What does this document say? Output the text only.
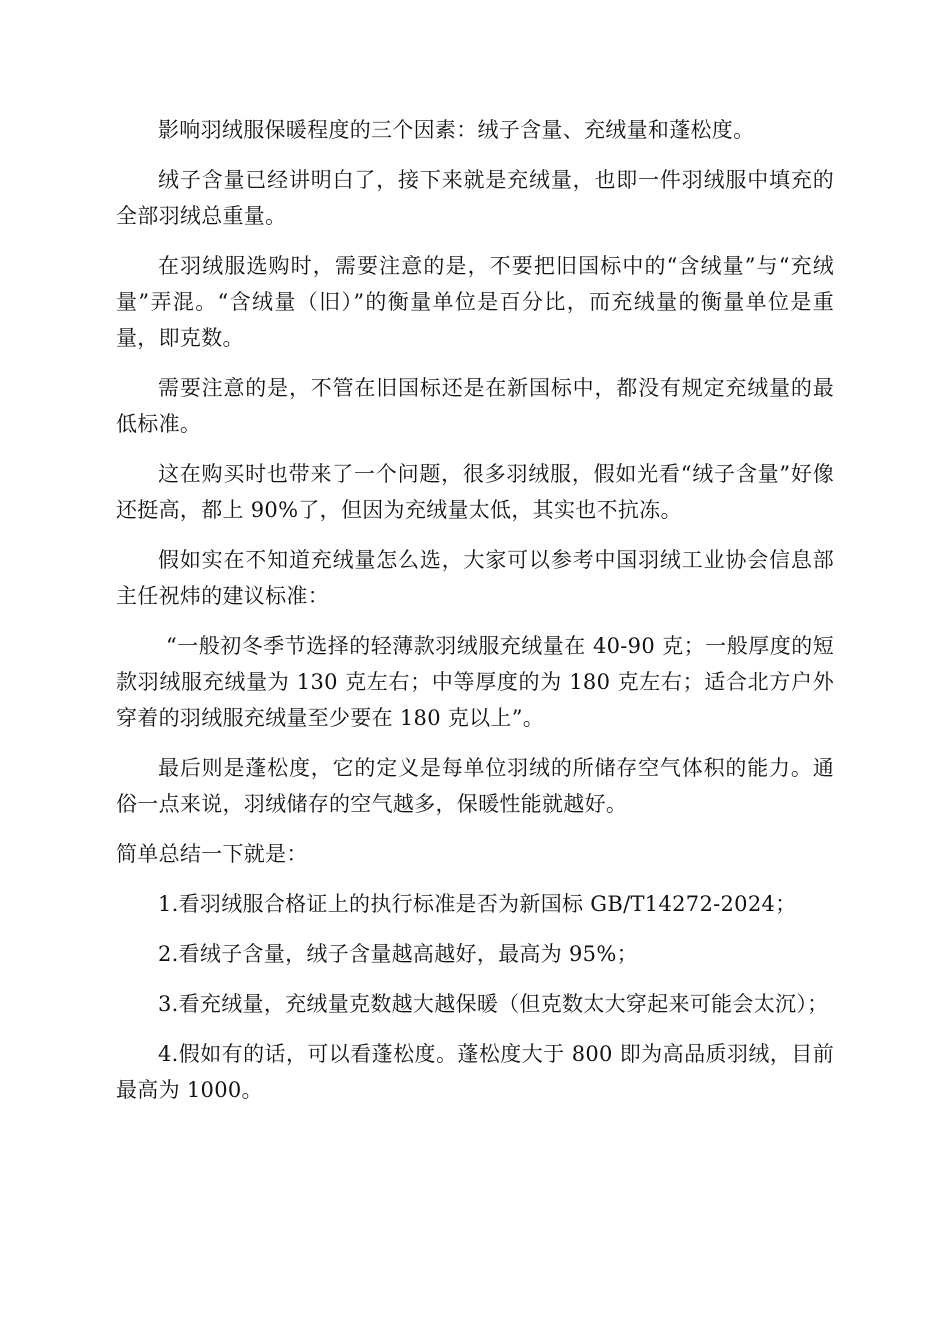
影响羽绒服保暖程度的三个因素：绒子含量、充绒量和蓬松度。

绒子含量已经讲明白了，接下来就是充绒量，也即一件羽绒服中填充的全部羽绒总重量。

在羽绒服选购时，需要注意的是，不要把旧国标中的“含绒量”与“充绒量”弄混。“含绒量（旧）”的衡量单位是百分比，而充绒量的衡量单位是重量，即克数。

需要注意的是，不管在旧国标还是在新国标中，都没有规定充绒量的最低标准。

这在购买时也带来了一个问题，很多羽绒服，假如光看“绒子含量”好像还挺高，都上 90%了，但因为充绒量太低，其实也不抗冻。

假如实在不知道充绒量怎么选，大家可以参考中国羽绒工业协会信息部主任祝炜的建议标准：

“一般初冬季节选择的轻薄款羽绒服充绒量在 40-90 克；一般厚度的短款羽绒服充绒量为 130 克左右；中等厚度的为 180 克左右；适合北方户外穿着的羽绒服充绒量至少要在 180 克以上”。

最后则是蓬松度，它的定义是每单位羽绒的所储存空气体积的能力。通俗一点来说，羽绒储存的空气越多，保暖性能就越好。

简单总结一下就是：

1.看羽绒服合格证上的执行标准是否为新国标 GB/T14272-2024；

2.看绒子含量，绒子含量越高越好，最高为 95%；

3.看充绒量，充绒量克数越大越保暖（但克数太大穿起来可能会太沉）；

4.假如有的话，可以看蓬松度。蓬松度大于 800 即为高品质羽绒，目前最高为 1000。
